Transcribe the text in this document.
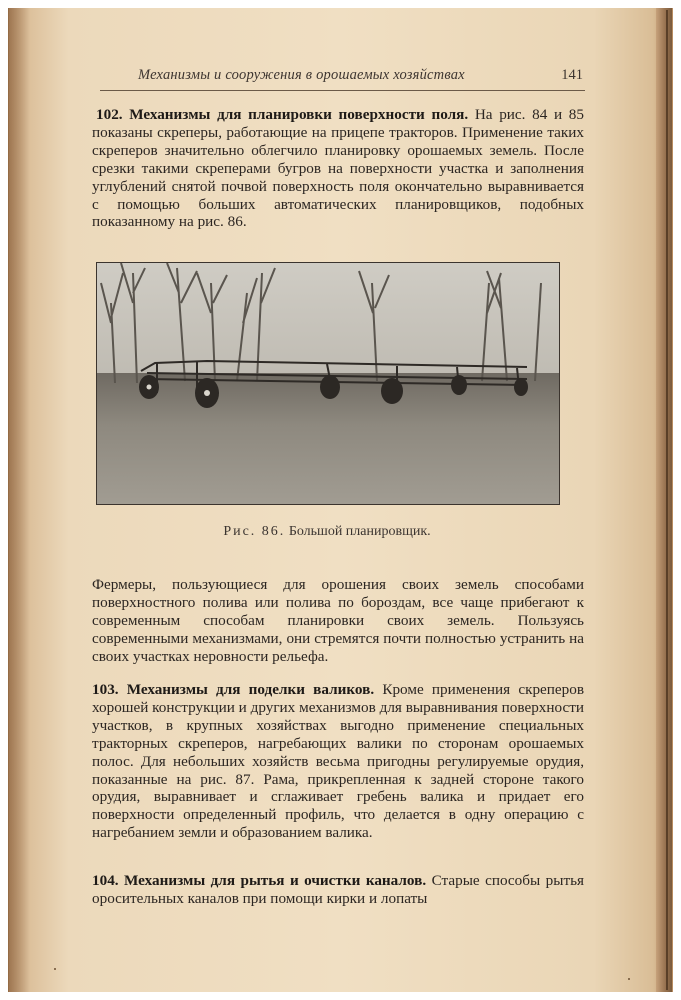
Механизмы и сооружения в орошаемых хозяйствах	141
102. Механизмы для планировки поверхности поля. На рис. 84 и 85 показаны скреперы, работающие на прицепе тракторов. Применение таких скреперов значительно облегчило планировку орошаемых земель. После срезки такими скреперами бугров на поверхности участка и заполнения углублений снятой почвой поверхность поля окончательно выравнивается с помощью больших автоматических планировщиков, подобных показанному на рис. 86.
Рис. 86. Большой планировщик.
Фермеры, пользующиеся для орошения своих земель способами поверхностного полива или полива по бороздам, все чаще прибегают к современным способам планировки своих земель. Пользуясь современными механизмами, они стремятся почти полностью устранить на своих участках неровности рельефа.
103. Механизмы для поделки валиков. Кроме применения скреперов хорошей конструкции и других механизмов для выравнивания поверхности участков, в крупных хозяйствах выгодно применение специальных тракторных скреперов, нагребающих валики по сторонам орошаемых полос. Для небольших хозяйств весьма пригодны регулируемые орудия, показанные на рис. 87. Рама, прикрепленная к задней стороне такого орудия, выравнивает и сглаживает гребень валика и придает его поверхности определенный профиль, что делается в одну операцию с нагребанием земли и образованием валика.
104. Механизмы для рытья и очистки каналов. Старые способы рытья оросительных каналов при помощи кирки и лопаты
